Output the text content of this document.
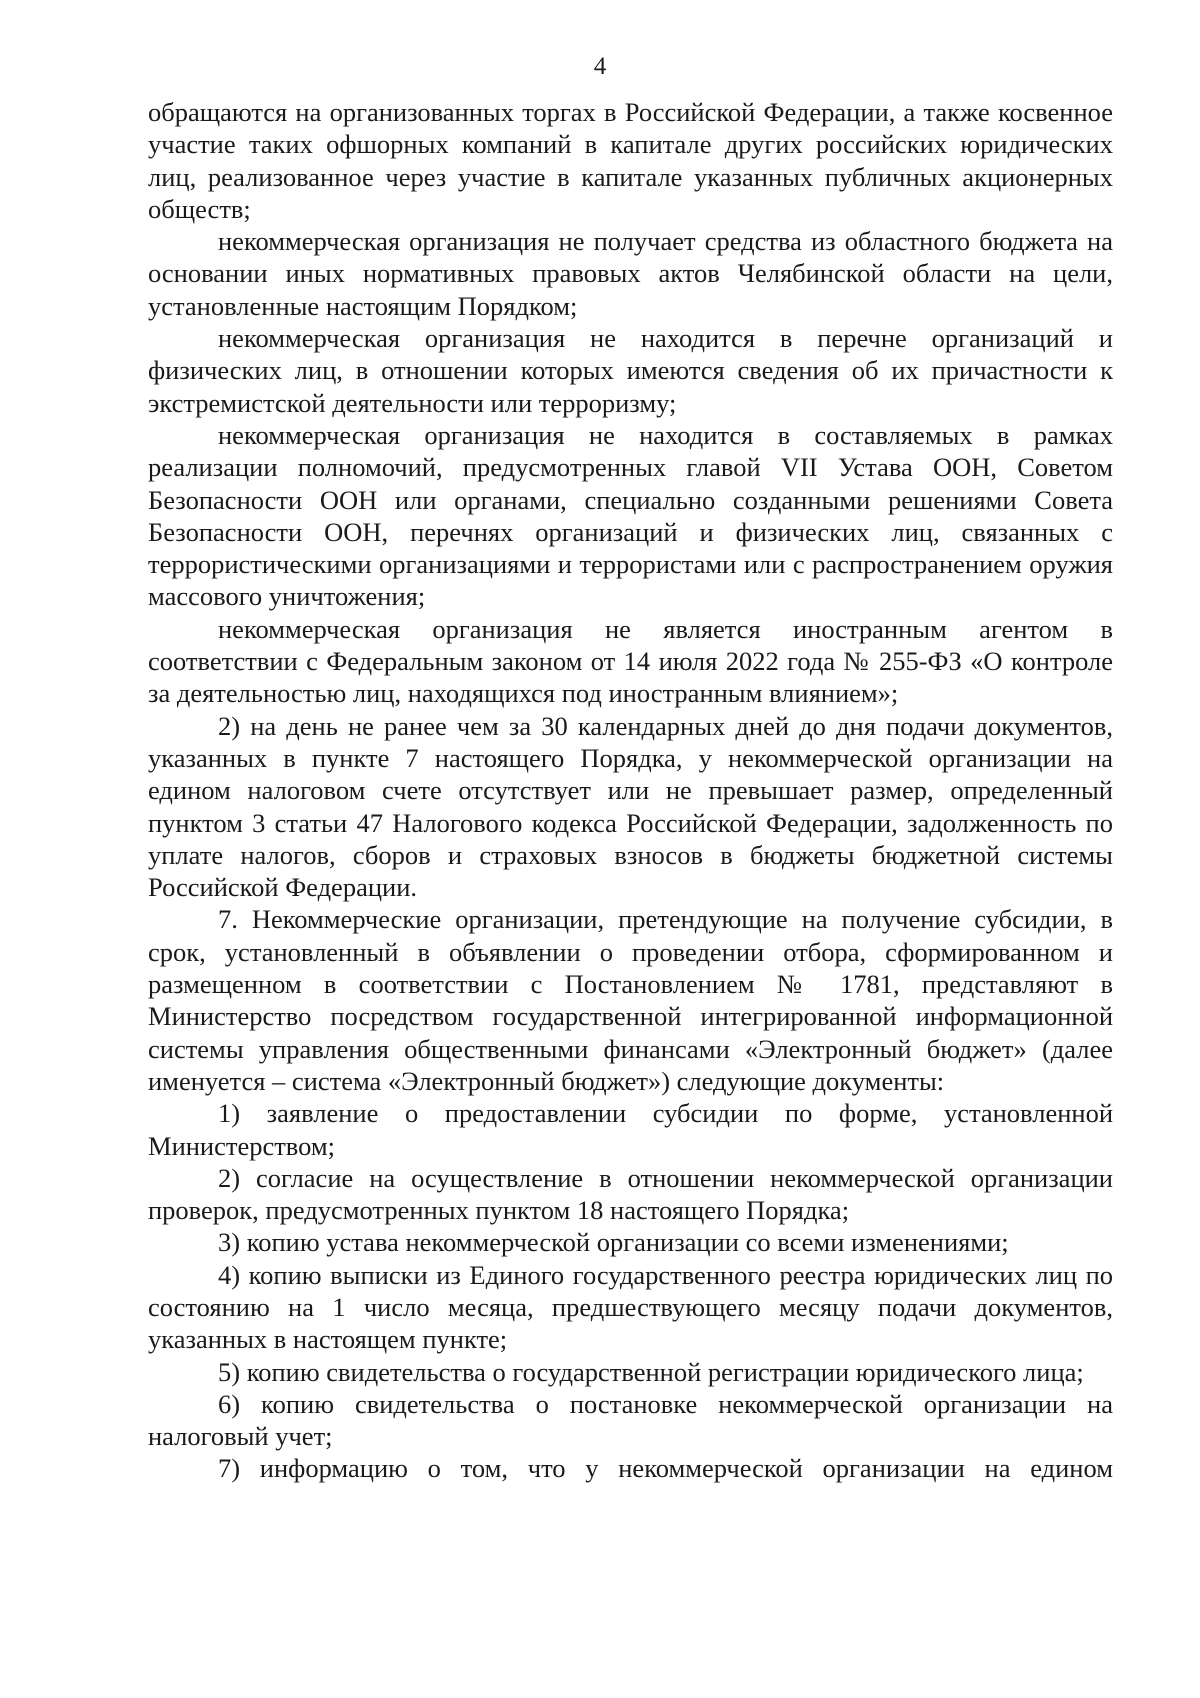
4

обращаются на организованных торгах в Российской Федерации, а также косвенное участие таких офшорных компаний в капитале других российских юридических лиц, реализованное через участие в капитале указанных публичных акционерных обществ;

некоммерческая организация не получает средства из областного бюджета на основании иных нормативных правовых актов Челябинской области на цели, установленные настоящим Порядком;

некоммерческая организация не находится в перечне организаций и физических лиц, в отношении которых имеются сведения об их причастности к экстремистской деятельности или терроризму;

некоммерческая организация не находится в составляемых в рамках реализации полномочий, предусмотренных главой VII Устава ООН, Советом Безопасности ООН или органами, специально созданными решениями Совета Безопасности ООН, перечнях организаций и физических лиц, связанных с террористическими организациями и террористами или с распространением оружия массового уничтожения;

некоммерческая организация не является иностранным агентом в соответствии с Федеральным законом от 14 июля 2022 года № 255-ФЗ «О контроле за деятельностью лиц, находящихся под иностранным влиянием»;

2) на день не ранее чем за 30 календарных дней до дня подачи документов, указанных в пункте 7 настоящего Порядка, у некоммерческой организации на едином налоговом счете отсутствует или не превышает размер, определенный пунктом 3 статьи 47 Налогового кодекса Российской Федерации, задолженность по уплате налогов, сборов и страховых взносов в бюджеты бюджетной системы Российской Федерации.

7. Некоммерческие организации, претендующие на получение субсидии, в срок, установленный в объявлении о проведении отбора, сформированном и размещенном в соответствии с Постановлением № 1781, представляют в Министерство посредством государственной интегрированной информационной системы управления общественными финансами «Электронный бюджет» (далее именуется – система «Электронный бюджет») следующие документы:

1) заявление о предоставлении субсидии по форме, установленной Министерством;

2) согласие на осуществление в отношении некоммерческой организации проверок, предусмотренных пунктом 18 настоящего Порядка;

3) копию устава некоммерческой организации со всеми изменениями;

4) копию выписки из Единого государственного реестра юридических лиц по состоянию на 1 число месяца, предшествующего месяцу подачи документов, указанных в настоящем пункте;

5) копию свидетельства о государственной регистрации юридического лица;

6) копию свидетельства о постановке некоммерческой организации на налоговый учет;

7) информацию о том, что у некоммерческой организации на едином
